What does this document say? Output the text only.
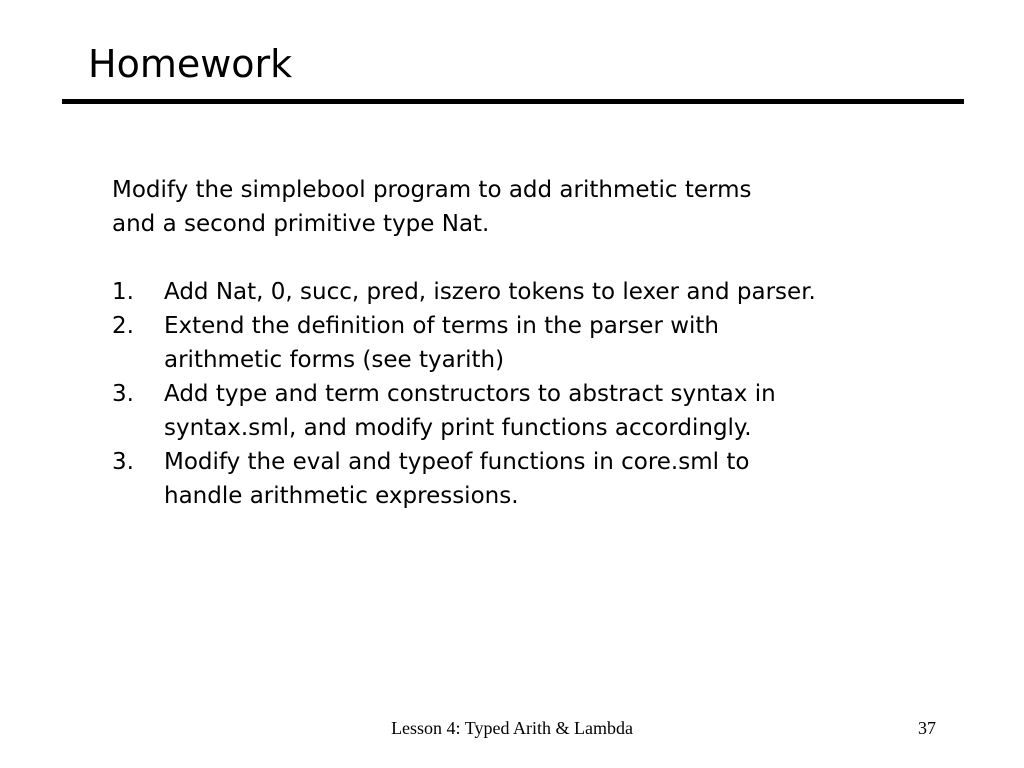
Homework

Modify the simplebool program to add arithmetic terms

and a second primitive type Nat.

1.	Add Nat, 0, succ, pred, iszero tokens to lexer and parser.
2.	Extend the definition of terms in the parser with
arithmetic forms (see tyarith)
3.	Add type and term constructors to abstract syntax in
syntax.sml, and modify print functions accordingly.
3.	Modify the eval and typeof functions in core.sml to
handle arithmetic expressions.
Lesson 4: Typed Arith & Lambda	37
